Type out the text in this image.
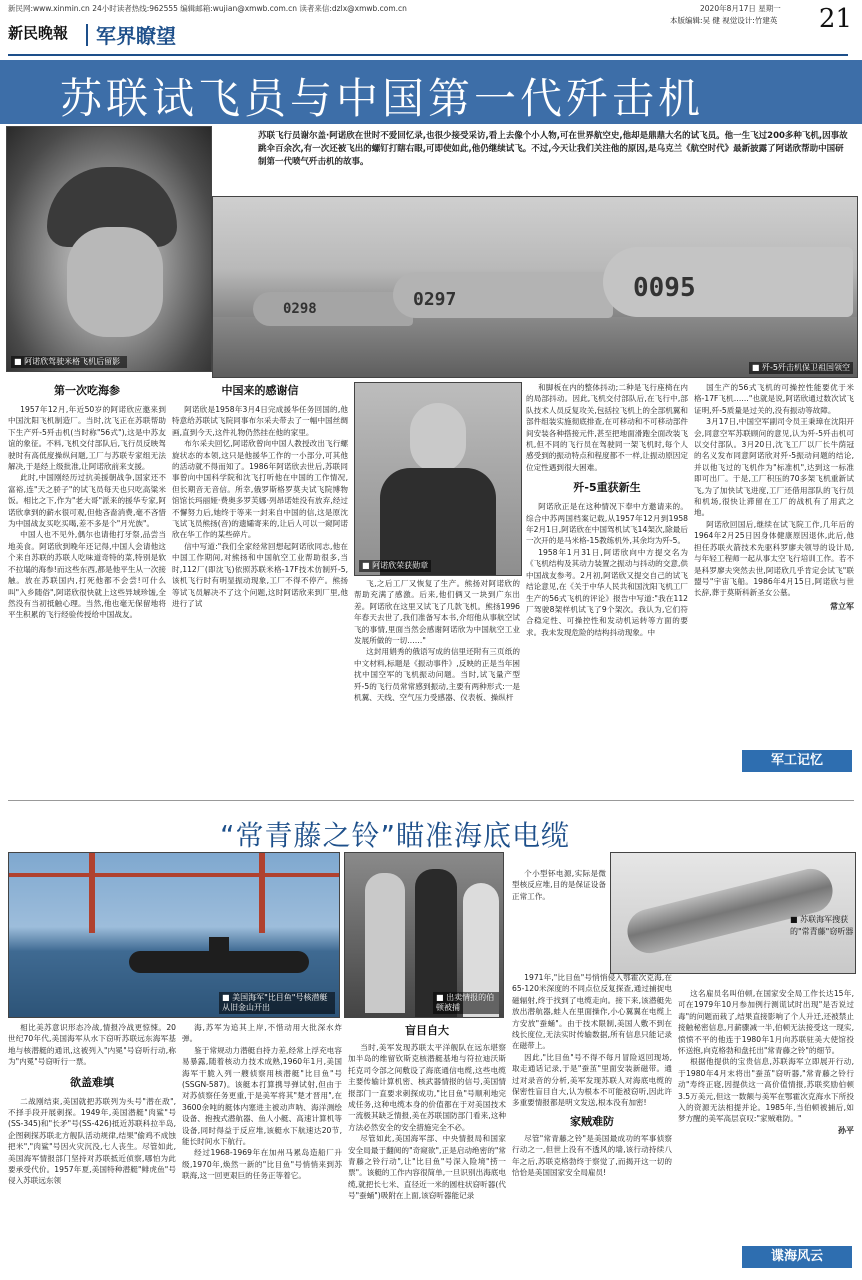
新民网:www.xinmin.cn 24小时读者热线:962555 编辑邮箱:wujian@xmwb.com.cn 读者来信:dzlx@xmwb.com.cn	2020年8月17日 星期一
本版编辑:吴 健 视觉设计:竹建英 21
新民晚報 军界瞭望
苏联试飞员与中国第一代歼击机
■ 阿诺欣驾驶米格飞机后留影
苏联飞行员谢尔盖·阿诺欣在世时不爱回忆录,也很少接受采访,看上去像个小人物,可在世界航空史,他却是鼎鼎大名的试飞员。他一生飞过200多种飞机,因事故跳伞百余次,有一次还被飞出的螺钉打瞎右眼,可即使如此,他仍继续试飞。不过,今天让我们关注他的原因,是乌克兰《航空时代》最新披露了阿诺欣帮助中国研制第一代喷气歼击机的故事。
0298	0297	0095
■ 歼-5歼击机保卫祖国领空
第一次吃海参

1957年12月,年近50岁的阿诺欣应邀来到中国沈阳飞机制造厂。当时,沈飞正在苏联帮助下生产歼-5歼击机(当时称"56式"),这是中苏友谊的象征。不料,飞机交付部队后,飞行员反映驾驶时有高低度操纵问题,工厂与苏联专家组无法解决,于是经上级批准,让阿诺欣前来支援。

此时,中国刚经历过抗美援朝战争,国家还不富裕,连"天之骄子"的试飞员每天也只吃高粱米饭。相比之下,作为"老大哥"派来的援华专家,阿诺欣拿到的薪水很可观,但他吝啬消费,毫不吝惜为中国战友买吃买喝,差不多是个"月光族"。

中国人也不见外,偶尔也请他打牙祭,品尝当地美食。阿诺欣到晚年还记得,中国人会请他这个来自苏联的苏联人吃味道奇特的菜,特别是软不拉塌的海参!而这些东西,都是他平生从一次接触。放在苏联国内,打死他都不会尝!可什么叫"入乡随俗",阿诺欣很快就上这些异域珍馐,全然没有当初抵触心理。当然,他也毫无保留地将平生积累的飞行经验传授给中国战友。

中国来的感谢信

阿诺欣是1958年3月4日完成援华任务回国的,他特意给苏联试飞院同事布尔采夫带去了一幅中国丝绸画,直到今天,这件礼物仍然挂在他的家里。

布尔采夫回忆,阿诺欣曾向中国人教授改出飞行螺旋状态的本领,这只是他援华工作的一小部分,可其他的活动就不得而知了。1986年阿诺欣去世后,苏联同事曾向中国科学院和沈飞打听他在中国的工作情况,但长期音无音信。所幸,俄罗斯格罗莫夫试飞院博物馆馆长玛丽娅·费奥多罗芙娜·列昂诺娃没有放弃,经过不懈努力后,她终于等来一封来自中国的信,这是原沈飞试飞员熊扬(音)的遗孀寄来的,让后人可以一窥阿诺欣在华工作的某些碎片。

信中写道:"我们全家经常回想起阿诺欣同志,他在中国工作期间,对熊扬和中国航空工业帮助很多,当时,112厂(即沈飞)依照苏联米格-17F技术仿制歼-5,该机飞行时有明显振动现象,工厂不得不停产。熊扬等试飞员解决不了这个问题,这时阿诺欣来到厂里,他进行了试

■ 阿诺欣荣获勋章

飞,之后工厂又恢复了生产。熊扬对阿诺欣的帮助充满了感激。后来,他们俩又一块到广东出差。阿诺欣在这里又试飞了几款飞机。熊扬1996年春天去世了,我们准备写本书,介绍他从事航空试飞的事情,里面当然会感谢阿诺欣为中国航空工业发展所做的一切……"

这封用娟秀的俄语写成的信里还附有三页纸的中文材料,标题是《振动事件》,反映的正是当年困扰中国空军的飞机振动问题。当时,试飞量产型歼-5的飞行员常常感到振动,主要有两种形式:一是机翼、天线、空气压力受感器、仪表板、操纵杆

和脚板在内的整体抖动;二种是飞行座椅在内的局部抖动。因此,飞机交付部队后,在飞行中,部队技术人员反复攻关,包括拉飞机上的全部机翼和部件组装实施彻底排查,在可移动和不可移动部件间安装各种搭接元件,甚至把地面滑跑全面改装飞机,但不同的飞行员在驾驶同一架飞机时,每个人感受到的振动特点和程度都不一样,让振动原因定位定性遇到很大困难。

歼-5重获新生

阿诺欣正是在这种情况下奉中方邀请来的。综合中苏两国档案记载,从1957年12月到1958年2月1日,阿诺欣在中国驾机试飞14架次,除最后一次开的是马米格-15教练机外,其余均为歼-5。

1958年1月31日,阿诺欣向中方提交名为《飞机结构及其动力装置之振动与抖动的交意,供中国战友参考。2月初,阿诺欣又提交自己的试飞结论意见,在《关于中华人民共和国沈阳飞机工厂生产的56式飞机的评论》报告中写道:"我在112厂驾驶8架样机试飞了9个架次。我认为,它们符合稳定性、可操控性和发动机运转等方面的要求。我未发现危险的结构抖动现象。中

国生产的56式飞机的可操控性能要优于米格-17F飞机……"也就是说,阿诺欣通过数次试飞证明,歼-5质量是过关的,没有振动等故障。

3月17日,中国空军副司令员王秉璋在沈阳开会,同意空军苏联顾问的意见,认为歼-5歼击机可以交付部队。3月20日,沈飞工厂以厂长牛荫冠的名义发布同意阿诺欣对歼-5振动问题的结论,并以他飞过的飞机作为"标准机",达到这一标准即可出厂。于是,工厂积压的70多架飞机重新试飞,为了加快试飞进度,工厂还借用部队的飞行员和机场,很快让滞留在工厂的战机有了用武之地。

阿诺欣回国后,继续在试飞院工作,几年后的1964年2月25日因身体健康原因退休,此后,他担任苏联火箭技术先驱科罗廖夫领导的设计局,与年轻工程师一起从事太空飞行培训工作。若不是科罗廖夫突然去世,阿诺欣几乎肯定会试飞"联盟号"宇宙飞船。1986年4月15日,阿诺欣与世长辞,葬于莫斯科新圣女公墓。

常立军
军工记忆
“常青藤之铃”瞄准海底电缆
■ 美国海军"比目鱼"号核潜艇从旧金山开出
■ 出卖情报的伯顿被捕
■ 苏联海军搜获的"常青藤"窃听器

相比美苏意识形态冷战,情报冷战更惊悚。20世纪70年代,美国海军从水下窃听苏联远东海军基地与核潜艇的通讯,这被列入"内冕"号窃听行动,称为"内冕"号窃听行一票。

欲盖难填

二战刚结束,美国就把苏联列为头号"潜在敌",不择手段开展刺探。1949年,美国潜艇"肉鲨"号(SS-345)和"长矛"号(SS-426)抵近苏联科拉半岛,企图刺探苏联北方舰队活动规律,结果"偷鸡不成蚀把米","肉鲨"号因火灾沉没,七人丧生。尽管如此,美国海军情报部门坚持对苏联抵近侦察,哪怕为此要承受代价。1957年夏,美国特种潜艇"鲱虎鱼"号侵入苏联远东领

海,苏军为追其上岸,不惜动用大批深水炸弹。

鉴于常规动力潜艇自持力差,经常上浮充电容易暴露,随着核动力技术成熟,1960年1月,美国海军干脆入列一艘侦察用核潜艇"比目鱼"号(SSGN-587)。该艇本打算携导弹试射,但由于对苏侦察任务更重,于是美军将其"楚才晋用",在3600余吨的艇体内塞进主被动声呐、海洋测绘设备、抱拽式潜航器、鱼人小艇、高速计算机等设备,同时得益于反应堆,该艇水下航速达20节,能长时间水下航行。

经过1968-1969年在加州马累岛造船厂升级,1970年,焕然一新的"比目鱼"号悄悄来到苏联海,这一回更艰巨的任务正等着它。

盲目自大

当时,美军发现苏联太平洋舰队在远东堪察加半岛的维留钦斯克核潜艇基地与符拉迪沃斯托克司令部之间敷设了海底通信电缆,这些电缆主要传输计算机密、核武器情报的信号,美国情报部门一直要求刺探成功,"比目鱼"号顺利地完成任务,这种电缆本身的价值都在于对美国技术一流极其缺乏情报,美在苏联国防部门看来,这种方法必然安全的安全措施完全不必。

尽管如此,美国海军部、中央情报局和国家安全局最于翻阅的"奇窥欲",正是启动绝密的"常青藤之铃行动",让"比目鱼"号深入险境"捞一票"。该艇的工作内容很简单,一旦识别出海底电缆,就把长七米、直径近一米的圆柱状窃听器(代号"蚕蛹")吸附在上面,该窃听器能记录

个小型钚电源,实际是微型核反应堆,目的是保证设备正常工作。

1971年,"比目鱼"号悄悄侵入鄂霍次克海,在65-120米深度的不同点位反复探查,通过捕捉电磁辐射,终于找到了电缆走向。接下来,该潜艇先放出潜航器,蛙人在里面操作,小心翼翼在电缆上方安放"蚕蛹"。由于技术限制,美国人敷不到在线长度位,无法实时传输数据,所有信息只能记录在磁带上。

因此,"比目鱼"号不得不每月冒险返回现场,取走通话记录,于是"蚕茧"里面安装新磁带。通过对录音的分析,美军发现苏联人对海底电缆的保密性盲目自大,认为根本不可能被窃听,因此许多重要情报都是明文发送,根本没有加密!

家贼难防

尽管"常青藤之铃"是美国最成功的军事侦察行动之一,但世上没有不透风的墙,该行动持续八年之后,苏联克格勃终于察觉了,而揭开这一切的恰恰是美国国家安全局雇员!

这名雇员名叫伯顿,在国家安全局工作长达15年,可在1979年10月参加例行测谎试时出现"是否说过毒"的问题而栽了,结果直接影响了个人升迁,还被禁止接触秘密信息,月薪骤减一半,伯顿无法接受这一现实,愤愤不平的他连于1980年1月向苏联驻美大使馆投怀送抱,向克格勃和盘托出"常青藤之铃"的细节。

根据他提供的宝贵信息,苏联海军立即展开行动,于1980年4月末将出"蚕茧"窃听器,"常青藤之铃行动"寿终正寝,因提供这一高价值情报,苏联奖励伯顿3.5万美元,但这一数额与美军在鄂霍次克海水下所投入的资源无法相提并论。1985年,当伯顿被捕后,如梦方醒的美军高层哀叹:"家贼难防。"

孙平
谍海风云
